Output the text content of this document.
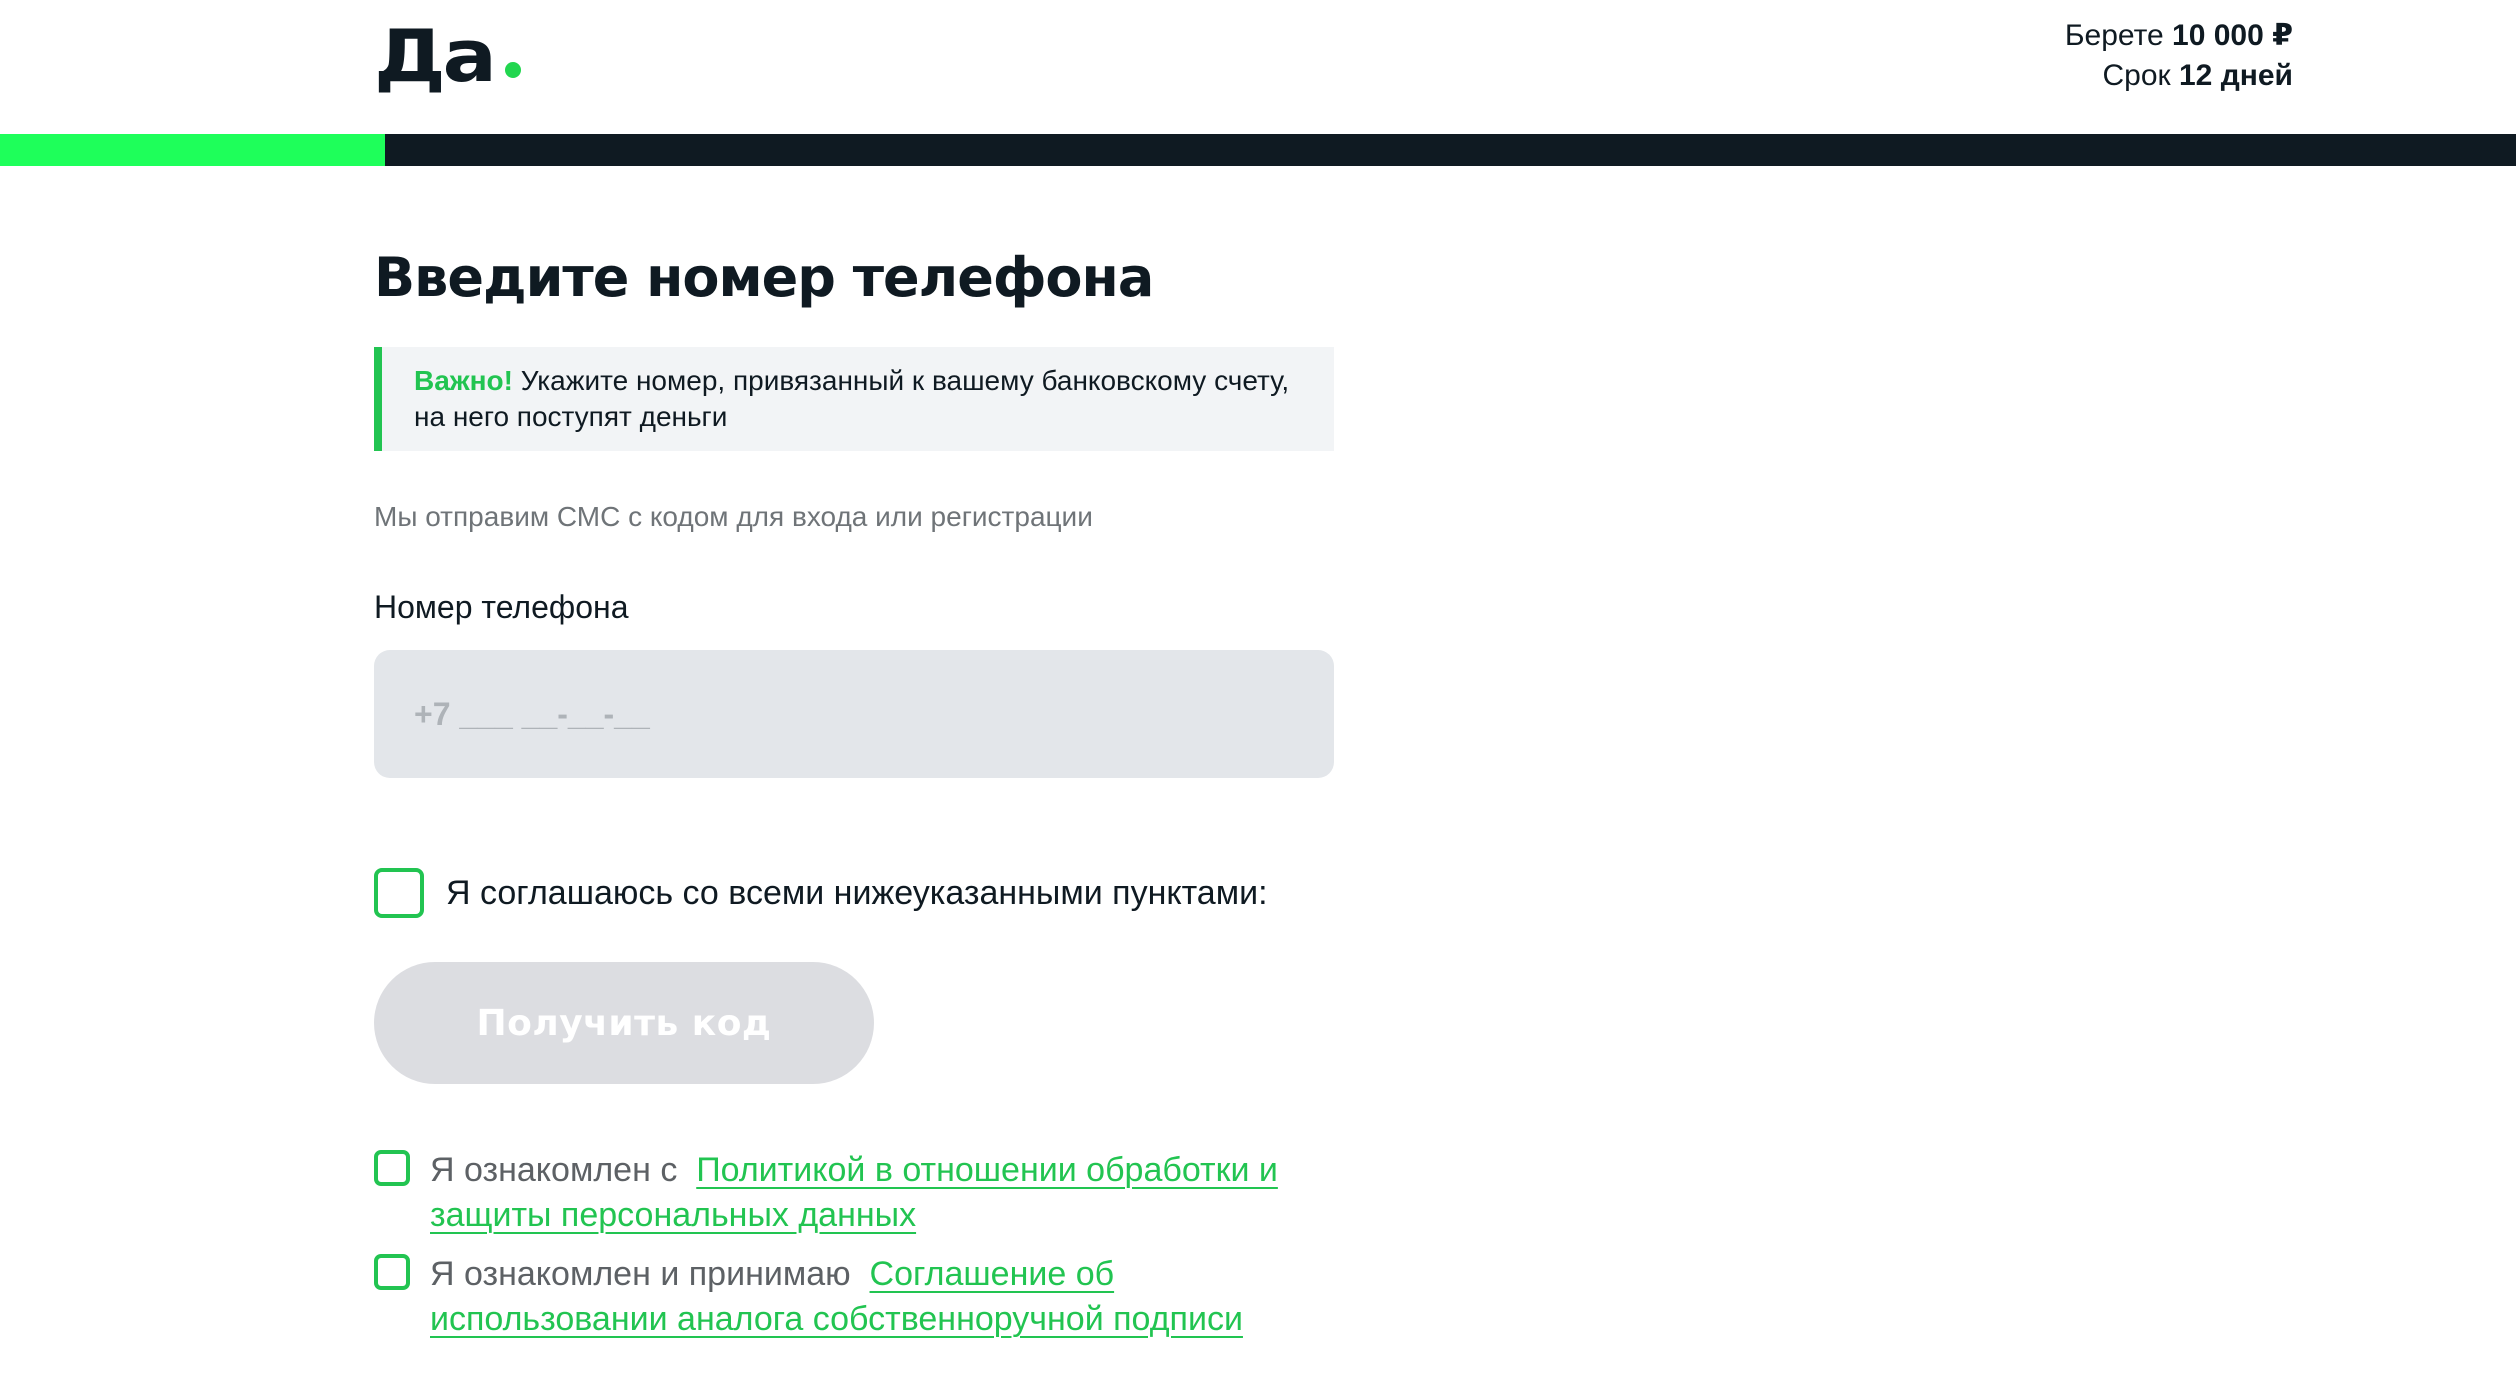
Да	Берете 10 000 ₽
Срок 12 дней
Введите номер телефона
Важно! Укажите номер, привязанный к вашему банковскому счету, на него поступят деньги

Мы отправим СМС с кодом для входа или регистрации

Номер телефона
+7 ___ __-__-__
Я соглашаюсь со всеми нижеуказанными пунктами:
Получить код
Я ознакомлен с Политикой в отношении обработки и защиты персональных данных
Я ознакомлен и принимаю Соглашение об использовании аналога собственноручной подписи
